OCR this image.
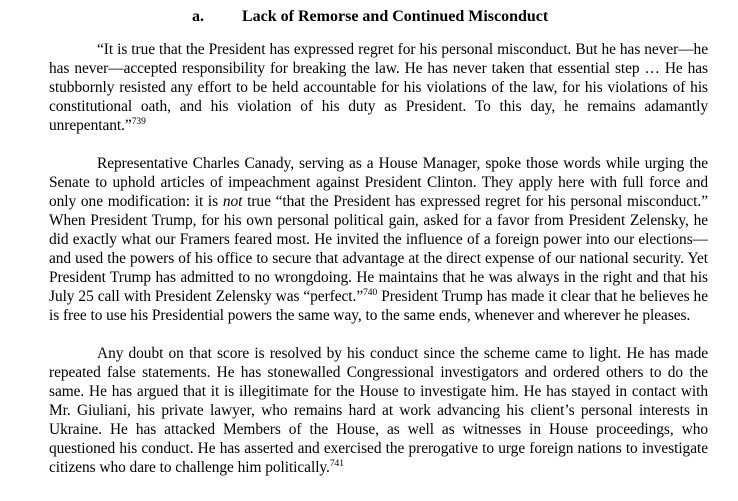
a. Lack of Remorse and Continued Misconduct

“It is true that the President has expressed regret for his personal misconduct. But he has never—he has never—accepted responsibility for breaking the law. He has never taken that essential step … He has stubbornly resisted any effort to be held accountable for his violations of the law, for his violations of his constitutional oath, and his violation of his duty as President. To this day, he remains adamantly unrepentant.”$^{739}$

Representative Charles Canady, serving as a House Manager, spoke those words while urging the Senate to uphold articles of impeachment against President Clinton. They apply here with full force and only one modification: it is not true “that the President has expressed regret for his personal misconduct.” When President Trump, for his own personal political gain, asked for a favor from President Zelensky, he did exactly what our Framers feared most. He invited the influence of a foreign power into our elections—and used the powers of his office to secure that advantage at the direct expense of our national security. Yet President Trump has admitted to no wrongdoing. He maintains that he was always in the right and that his July 25 call with President Zelensky was “perfect.”$^{740}$ President Trump has made it clear that he believes he is free to use his Presidential powers the same way, to the same ends, whenever and wherever he pleases.

Any doubt on that score is resolved by his conduct since the scheme came to light. He has made repeated false statements. He has stonewalled Congressional investigators and ordered others to do the same. He has argued that it is illegitimate for the House to investigate him. He has stayed in contact with Mr. Giuliani, his private lawyer, who remains hard at work advancing his client’s personal interests in Ukraine. He has attacked Members of the House, as well as witnesses in House proceedings, who questioned his conduct. He has asserted and exercised the prerogative to urge foreign nations to investigate citizens who dare to challenge him politically.$^{741}$
